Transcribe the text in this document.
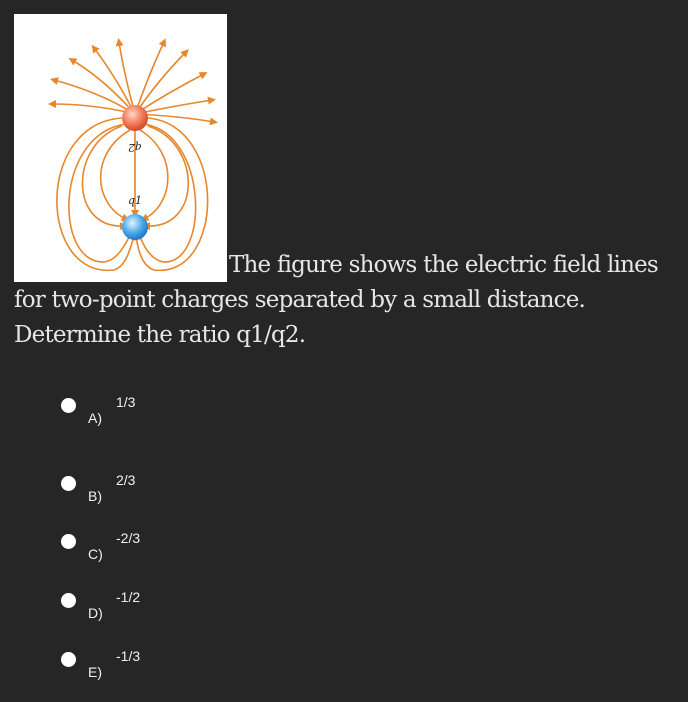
q2
q1

The figure shows the electric field lines
for two-point charges separated by a small distance.
Determine the ratio q1/q2.

A)
1/3
B)
2/3
C)
-2/3
D)
-1/2
E)
-1/3
